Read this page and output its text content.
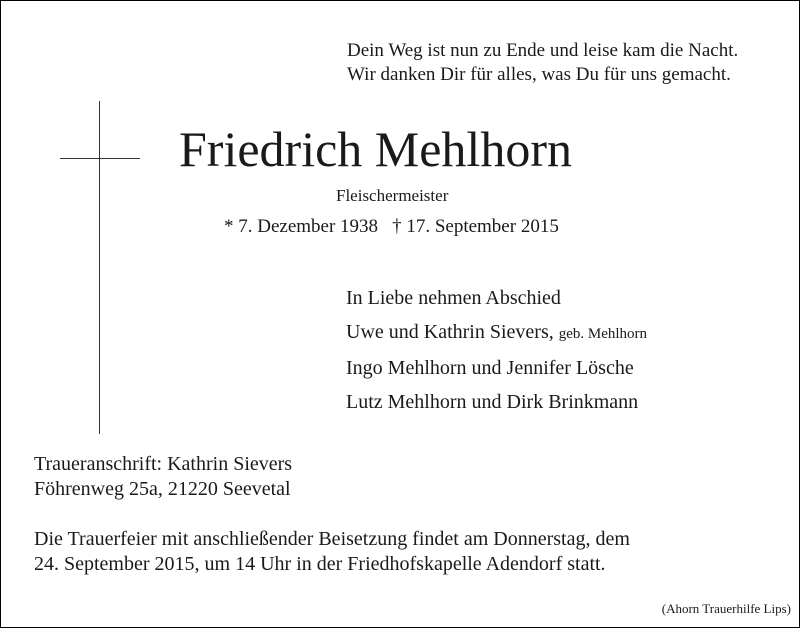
Dein Weg ist nun zu Ende und leise kam die Nacht.
Wir danken Dir für alles, was Du für uns gemacht.
Friedrich Mehlhorn
Fleischermeister
* 7. Dezember 1938 † 17. September 2015
In Liebe nehmen Abschied
Uwe und Kathrin Sievers, geb. Mehlhorn
Ingo Mehlhorn und Jennifer Lösche
Lutz Mehlhorn und Dirk Brinkmann
Traueranschrift: Kathrin Sievers
Föhrenweg 25a, 21220 Seevetal
Die Trauerfeier mit anschließender Beisetzung findet am Donnerstag, dem
24. September 2015, um 14 Uhr in der Friedhofskapelle Adendorf statt.
(Ahorn Trauerhilfe Lips)
